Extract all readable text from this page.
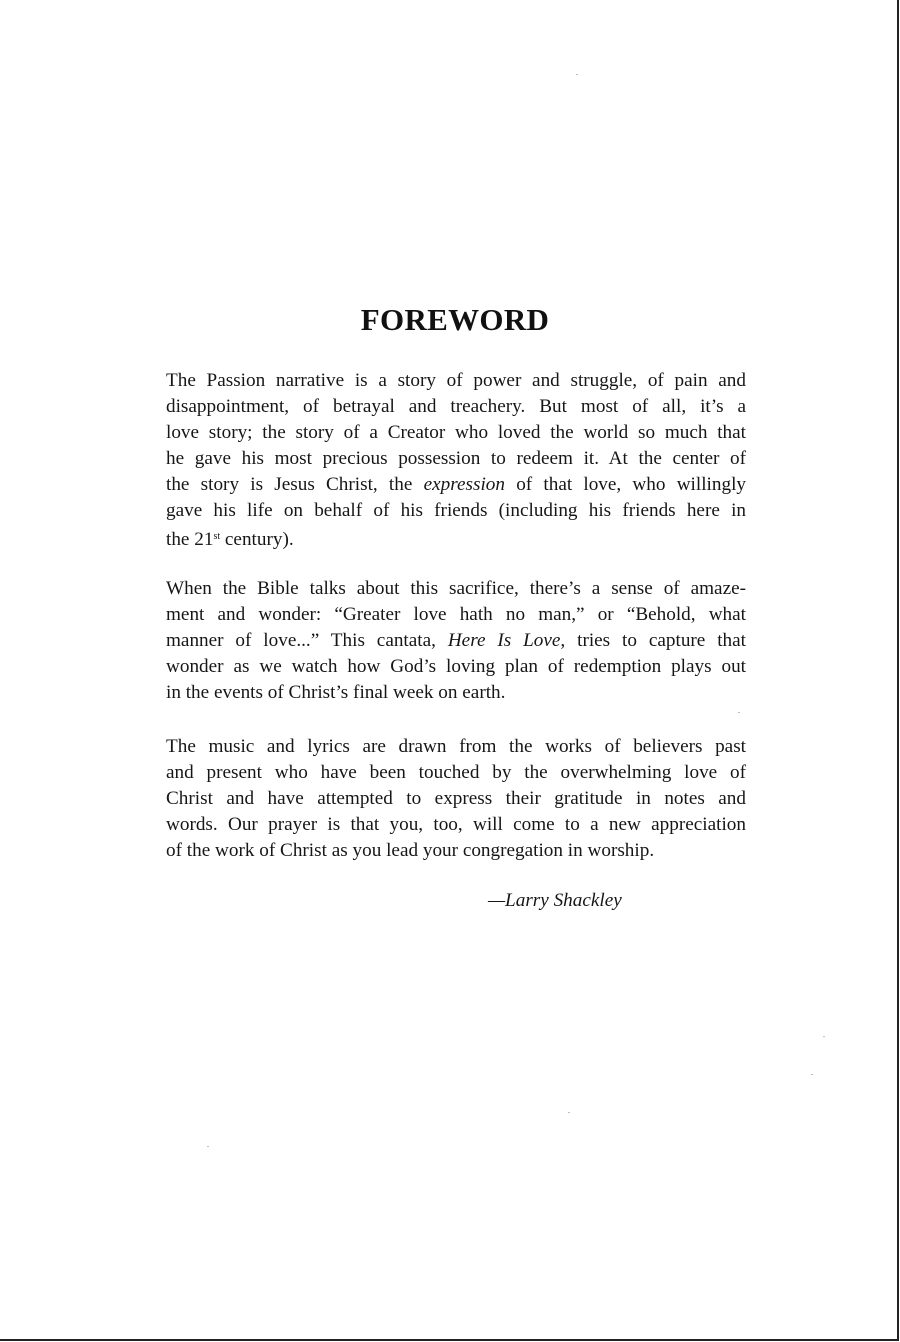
FOREWORD
The Passion narrative is a story of power and struggle, of pain and
disappointment, of betrayal and treachery. But most of all, it’s a
love story; the story of a Creator who loved the world so much that
he gave his most precious possession to redeem it. At the center of
the story is Jesus Christ, the expression of that love, who willingly
gave his life on behalf of his friends (including his friends here in
the 21st century).
When the Bible talks about this sacrifice, there’s a sense of amaze-
ment and wonder: “Greater love hath no man,” or “Behold, what
manner of love...” This cantata, Here Is Love, tries to capture that
wonder as we watch how God’s loving plan of redemption plays out
in the events of Christ’s final week on earth.
The music and lyrics are drawn from the works of believers past
and present who have been touched by the overwhelming love of
Christ and have attempted to express their gratitude in notes and
words. Our prayer is that you, too, will come to a new appreciation
of the work of Christ as you lead your congregation in worship.

—Larry Shackley
